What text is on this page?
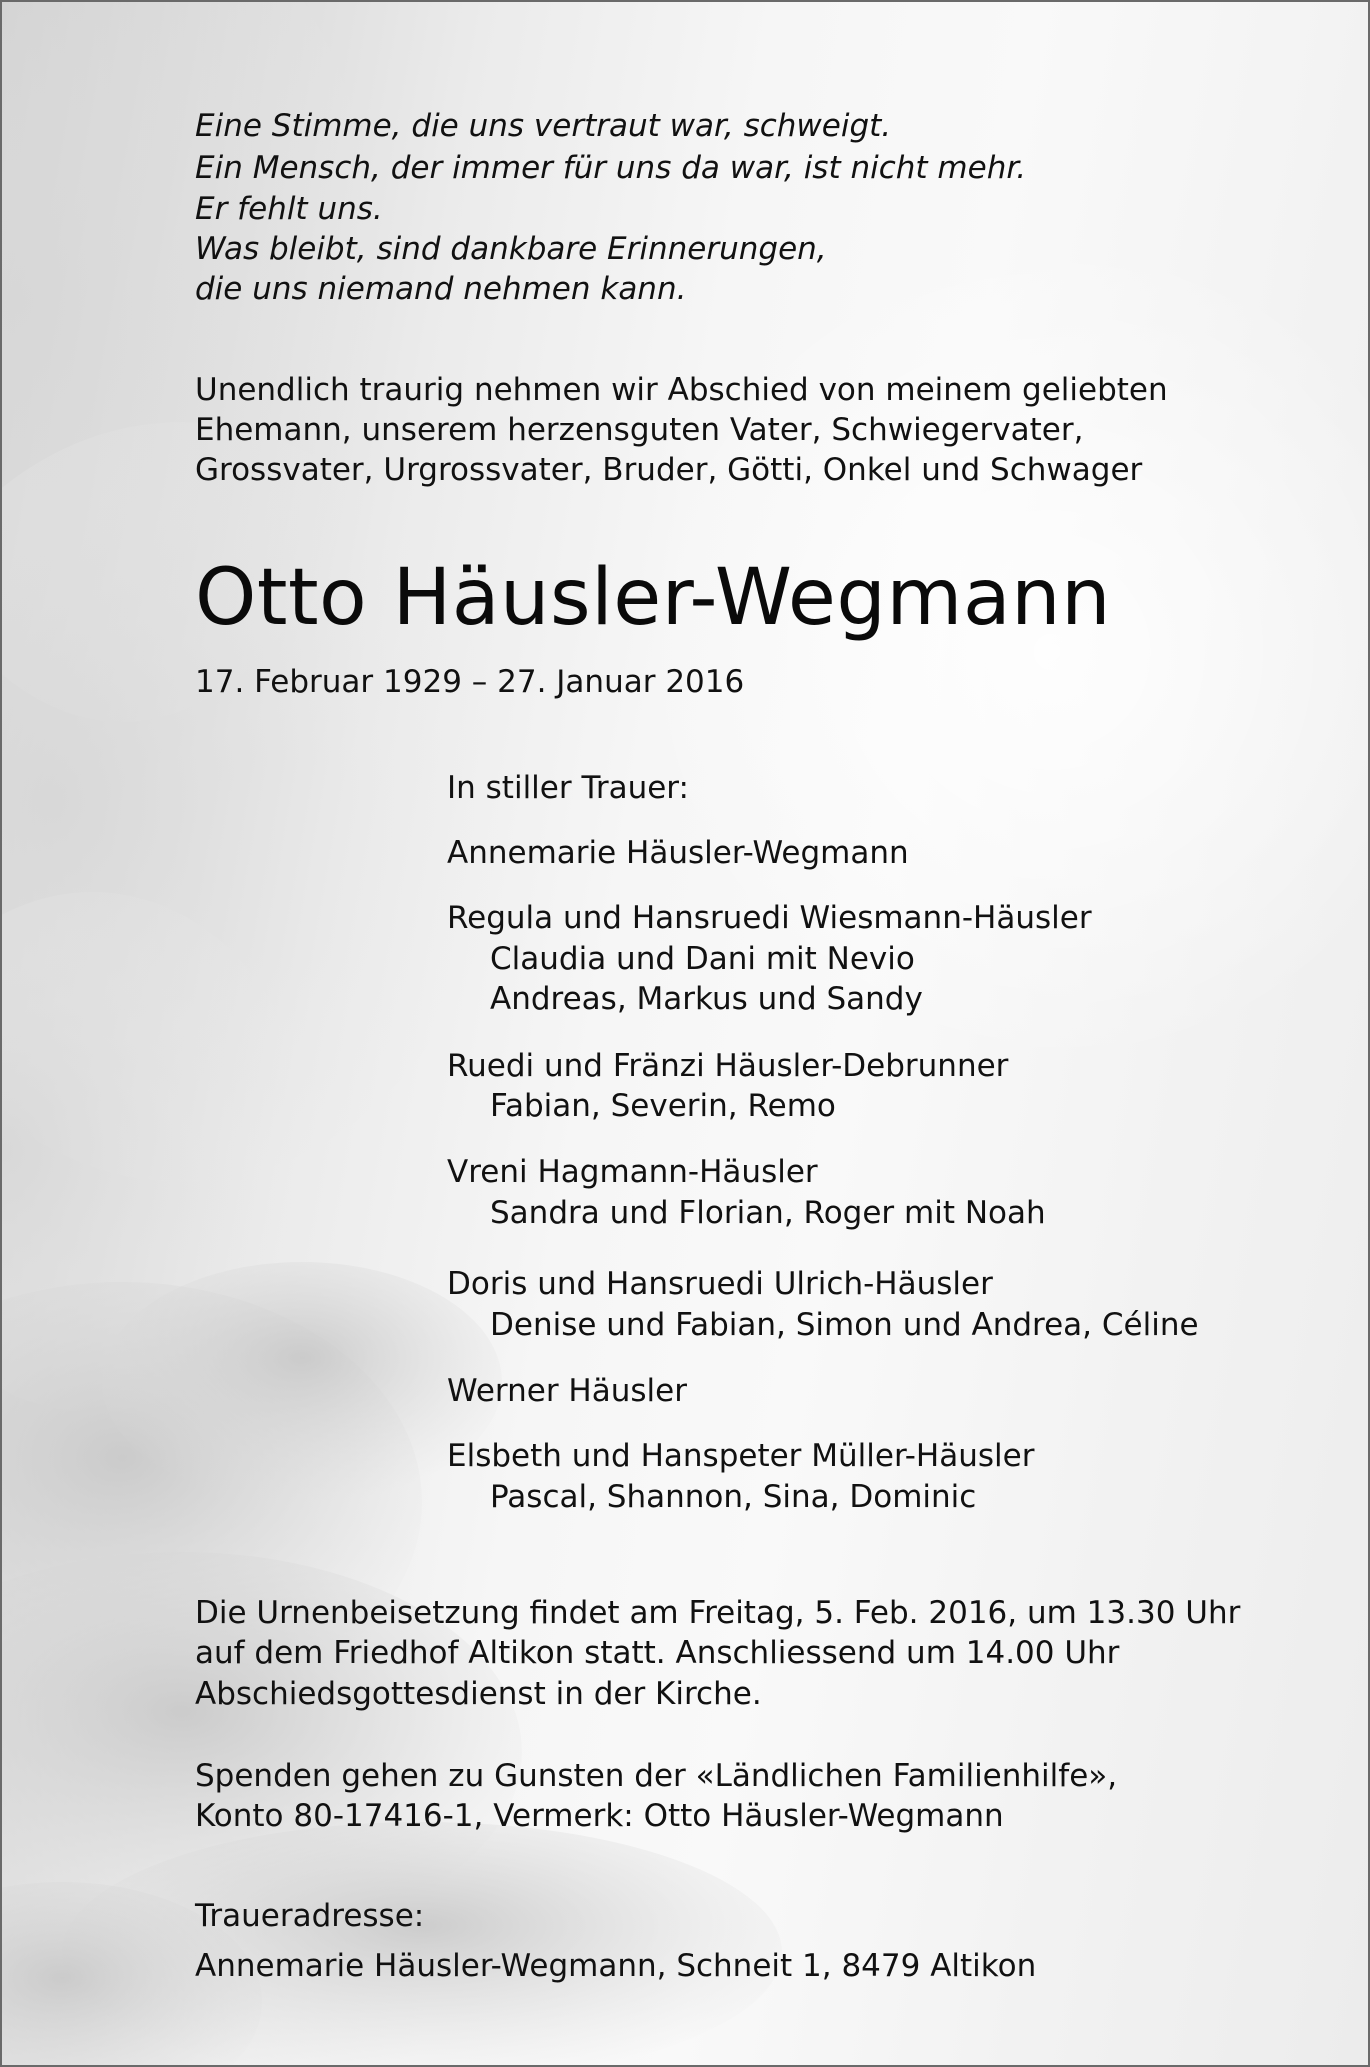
Eine Stimme, die uns vertraut war, schweigt.
Ein Mensch, der immer für uns da war, ist nicht mehr.
Er fehlt uns.
Was bleibt, sind dankbare Erinnerungen,
die uns niemand nehmen kann.
Unendlich traurig nehmen wir Abschied von meinem geliebten
Ehemann, unserem herzensguten Vater, Schwiegervater,
Grossvater, Urgrossvater, Bruder, Götti, Onkel und Schwager
Otto Häusler-Wegmann
17. Februar 1929 – 27. Januar 2016
In stiller Trauer:
Annemarie Häusler-Wegmann
Regula und Hansruedi Wiesmann-Häusler
Claudia und Dani mit Nevio
Andreas, Markus und Sandy
Ruedi und Fränzi Häusler-Debrunner
Fabian, Severin, Remo
Vreni Hagmann-Häusler
Sandra und Florian, Roger mit Noah
Doris und Hansruedi Ulrich-Häusler
Denise und Fabian, Simon und Andrea, Céline
Werner Häusler
Elsbeth und Hanspeter Müller-Häusler
Pascal, Shannon, Sina, Dominic
Die Urnenbeisetzung findet am Freitag, 5. Feb. 2016, um 13.30 Uhr
auf dem Friedhof Altikon statt. Anschliessend um 14.00 Uhr
Abschiedsgottesdienst in der Kirche.
Spenden gehen zu Gunsten der «Ländlichen Familienhilfe»,
Konto 80-17416-1, Vermerk: Otto Häusler-Wegmann
Traueradresse:
Annemarie Häusler-Wegmann, Schneit 1, 8479 Altikon
